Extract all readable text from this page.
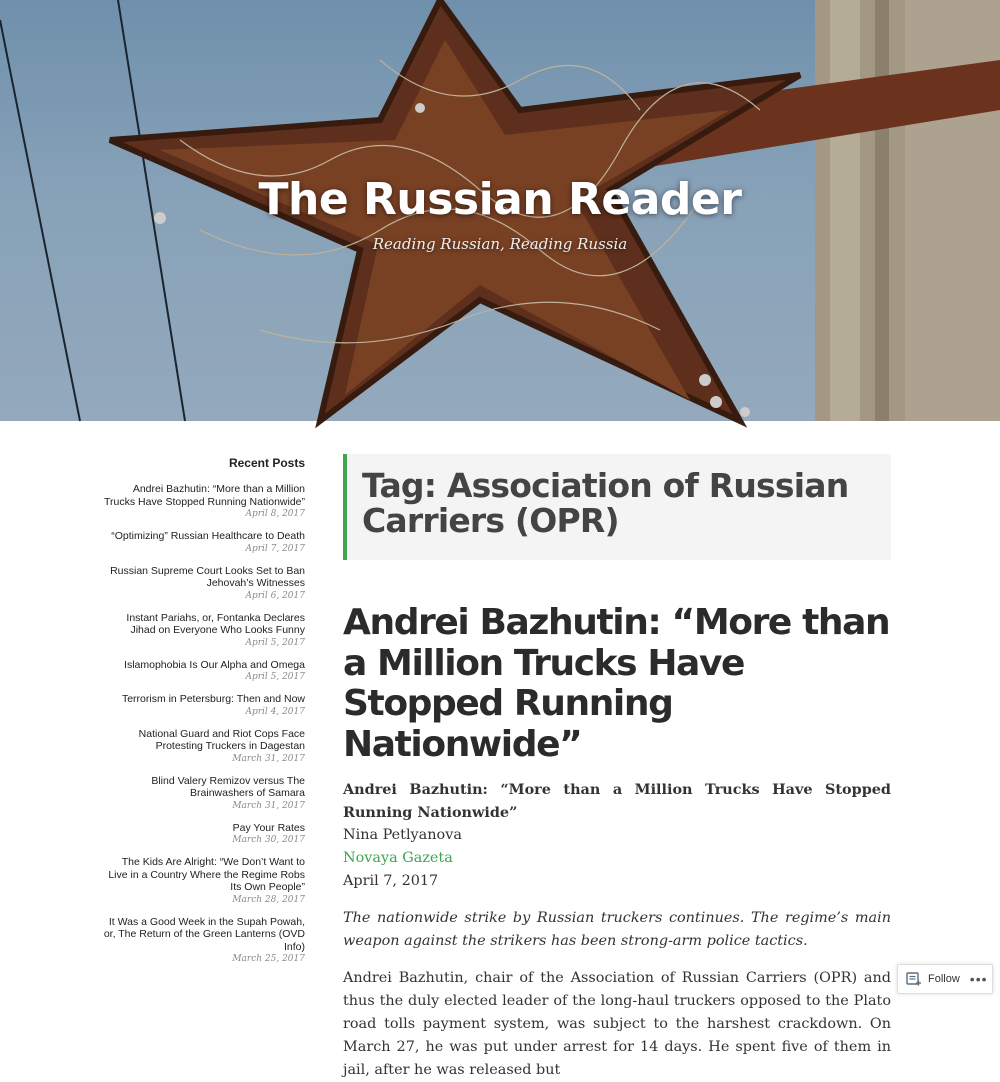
The Russian Reader
Reading Russian, Reading Russia
Recent Posts
Andrei Bazhutin: “More than a Million Trucks Have Stopped Running Nationwide”
April 8, 2017
“Optimizing” Russian Healthcare to Death
April 7, 2017
Russian Supreme Court Looks Set to Ban Jehovah’s Witnesses
April 6, 2017
Instant Pariahs, or, Fontanka Declares Jihad on Everyone Who Looks Funny
April 5, 2017
Islamophobia Is Our Alpha and Omega
April 5, 2017
Terrorism in Petersburg: Then and Now
April 4, 2017
National Guard and Riot Cops Face Protesting Truckers in Dagestan
March 31, 2017
Blind Valery Remizov versus The Brainwashers of Samara
March 31, 2017
Pay Your Rates
March 30, 2017
The Kids Are Alright: “We Don’t Want to Live in a Country Where the Regime Robs Its Own People”
March 28, 2017
It Was a Good Week in the Supah Powah, or, The Return of the Green Lanterns (OVD Info)
March 25, 2017
Tag: Association of Russian Carriers (OPR)
Andrei Bazhutin: “More than a Million Trucks Have Stopped Running Nationwide”
Andrei Bazhutin: “More than a Million Trucks Have Stopped Running Nationwide”
Nina Petlyanova
Novaya Gazeta
April 7, 2017

The nationwide strike by Russian truckers continues. The regime’s main weapon against the strikers has been strong-arm police tactics.

Andrei Bazhutin, chair of the Association of Russian Carriers (OPR) and thus the duly elected leader of the long-haul truckers opposed to the Plato road tolls payment system, was subject to the harshest crackdown. On March 27, he was put under arrest for 14 days. He spent five of them in jail, after he was released but

Follow •••
